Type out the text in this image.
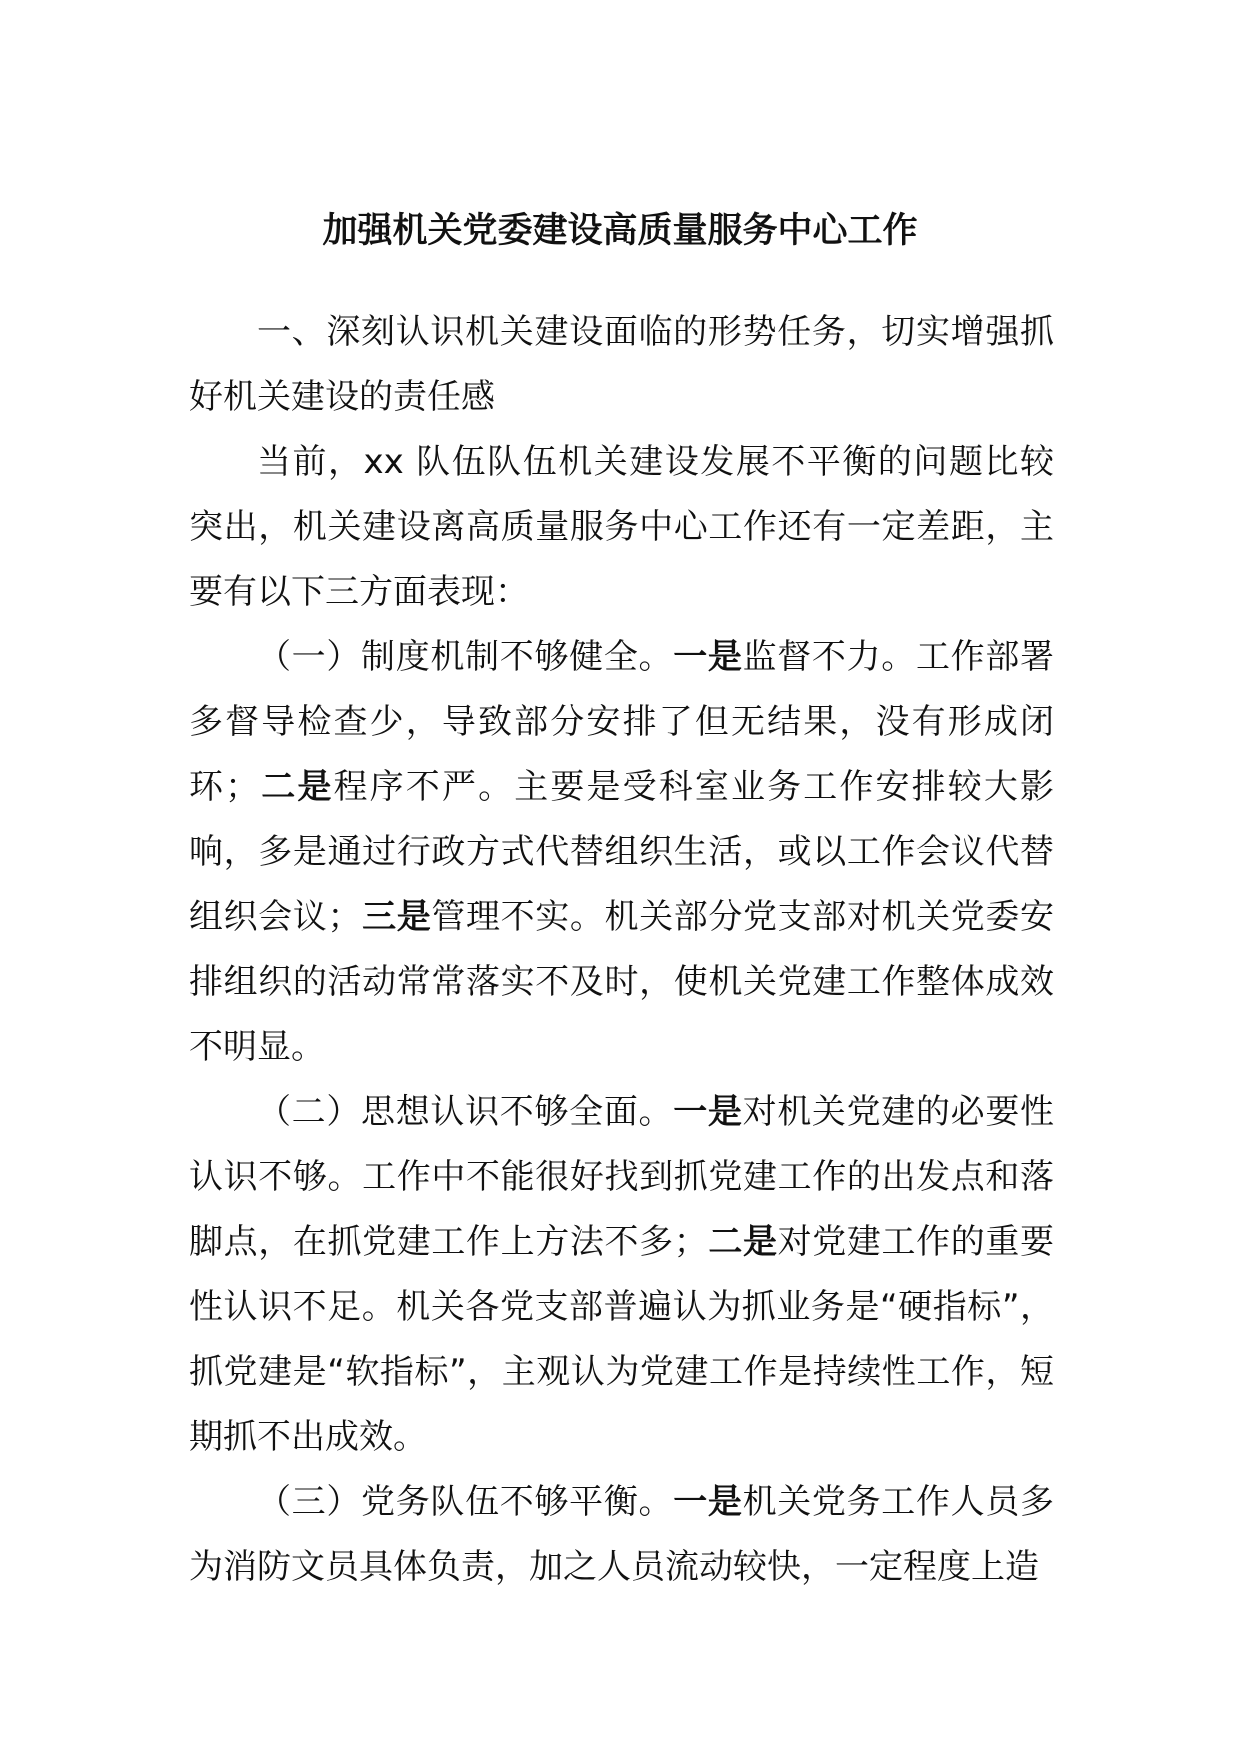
加强机关党委建设高质量服务中心工作

一、深刻认识机关建设面临的形势任务，切实增强抓好机关建设的责任感

当前，xx 队伍队伍机关建设发展不平衡的问题比较突出，机关建设离高质量服务中心工作还有一定差距，主要有以下三方面表现：

（一）制度机制不够健全。一是监督不力。工作部署多督导检查少，导致部分安排了但无结果，没有形成闭环；二是程序不严。主要是受科室业务工作安排较大影响，多是通过行政方式代替组织生活，或以工作会议代替组织会议；三是管理不实。机关部分党支部对机关党委安排组织的活动常常落实不及时，使机关党建工作整体成效不明显。

（二）思想认识不够全面。一是对机关党建的必要性认识不够。工作中不能很好找到抓党建工作的出发点和落脚点，在抓党建工作上方法不多；二是对党建工作的重要性认识不足。机关各党支部普遍认为抓业务是“硬指标”，抓党建是“软指标”，主观认为党建工作是持续性工作，短期抓不出成效。

（三）党务队伍不够平衡。一是机关党务工作人员多为消防文员具体负责，加之人员流动较快，一定程度上造
